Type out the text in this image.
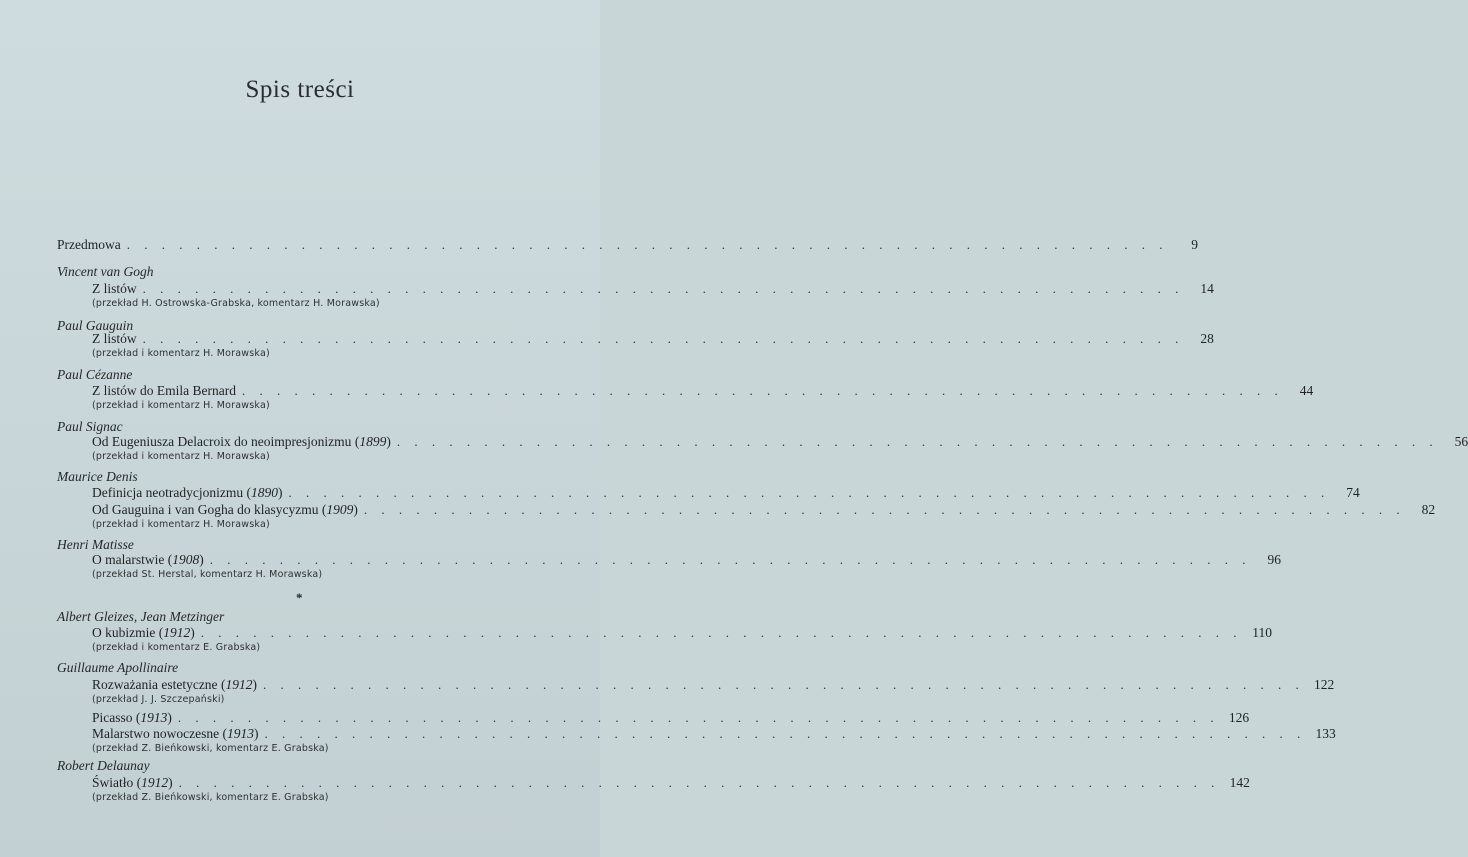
Spis treści
Przedmowa . . . . . . . . . . . . . . . . . . . . . . . . . . . . . . . . . . . . . . . . . . . . . . . . . . . . . . . . . . . .	9
Vincent van Gogh
Z listów . . . . . . . . . . . . . . . . . . . . . . . . . . . . . . . . . . . . . . . . . . . . . . . . . . . . . . . . . . . .	14
(przekład H. Ostrowska-Grabska, komentarz H. Morawska)
Paul Gauguin
Z listów . . . . . . . . . . . . . . . . . . . . . . . . . . . . . . . . . . . . . . . . . . . . . . . . . . . . . . . . . . . .	28
(przekład i komentarz H. Morawska)
Paul Cézanne
Z listów do Emila Bernard . . . . . . . . . . . . . . . . . . . . . . . . . . . . . . . . . . . . . . . . . . . . . . . . . . . . . . . . . . . .	44
(przekład i komentarz H. Morawska)
Paul Signac
Od Eugeniusza Delacroix do neoimpresjonizmu (1899) . . . . . . . . . . . . . . . . . . . . . . . . . . . . . . . . . . . . . . . . . . . . . . . . . . . . . . . . . . . .	56
(przekład i komentarz H. Morawska)
Maurice Denis
Definicja neotradycjonizmu (1890) . . . . . . . . . . . . . . . . . . . . . . . . . . . . . . . . . . . . . . . . . . . . . . . . . . . . . . . . . . . .	74
Od Gauguina i van Gogha do klasycyzmu (1909) . . . . . . . . . . . . . . . . . . . . . . . . . . . . . . . . . . . . . . . . . . . . . . . . . . . . . . . . . . . .	82
(przekład i komentarz H. Morawska)
Henri Matisse
O malarstwie (1908) . . . . . . . . . . . . . . . . . . . . . . . . . . . . . . . . . . . . . . . . . . . . . . . . . . . . . . . . . . . .	96
(przekład St. Herstal, komentarz H. Morawska)
Albert Gleizes, Jean Metzinger
O kubizmie (1912) . . . . . . . . . . . . . . . . . . . . . . . . . . . . . . . . . . . . . . . . . . . . . . . . . . . . . . . . . . . . 110
(przekład i komentarz E. Grabska)
Guillaume Apollinaire
Rozważania estetyczne (1912) . . . . . . . . . . . . . . . . . . . . . . . . . . . . . . . . . . . . . . . . . . . . . . . . . . . . . . . . . . . . 122
(przekład J. J. Szczepański)
Picasso (1913) . . . . . . . . . . . . . . . . . . . . . . . . . . . . . . . . . . . . . . . . . . . . . . . . . . . . . . . . . . . . 126
Malarstwo nowoczesne (1913) . . . . . . . . . . . . . . . . . . . . . . . . . . . . . . . . . . . . . . . . . . . . . . . . . . . . . . . . . . . . 133
(przekład Z. Bieńkowski, komentarz E. Grabska)
Robert Delaunay
Światło (1912) . . . . . . . . . . . . . . . . . . . . . . . . . . . . . . . . . . . . . . . . . . . . . . . . . . . . . . . . . . . . 142
(przekład Z. Bieńkowski, komentarz E. Grabska)
*
